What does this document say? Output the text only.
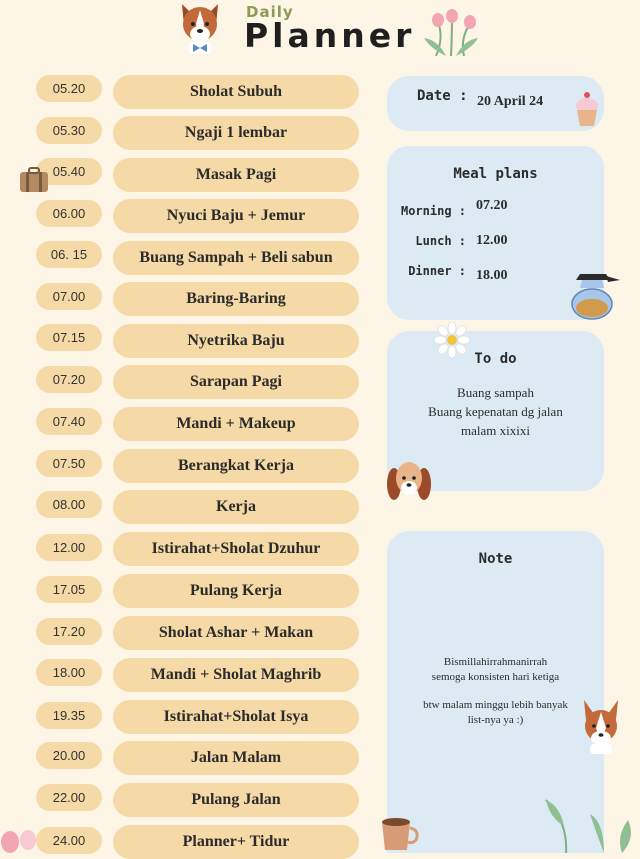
Daily
Planner
05.20	Sholat Subuh
05.30	Ngaji 1 lembar
05.40	Masak Pagi
06.00	Nyuci Baju + Jemur
06. 15	Buang Sampah + Beli sabun
07.00	Baring-Baring
07.15	Nyetrika Baju
07.20	Sarapan Pagi
07.40	Mandi + Makeup
07.50	Berangkat Kerja
08.00	Kerja
12.00	Istirahat+Sholat Dzuhur
17.05	Pulang Kerja
17.20	Sholat Ashar + Makan
18.00	Mandi + Sholat Maghrib
19.35	Istirahat+Sholat Isya
20.00	Jalan Malam
22.00	Pulang Jalan
24.00	Planner+ Tidur
Date : 20 April 24
Meal plans
Morning : 07.20
Lunch : 12.00
Dinner : 18.00
To do
Buang sampah
Buang kepenatan dg jalan
malam xixixi
Note
Bismillahirrahmanirrah
semoga konsisten hari ketiga
btw malam minggu lebih banyak
list-nya ya :)
